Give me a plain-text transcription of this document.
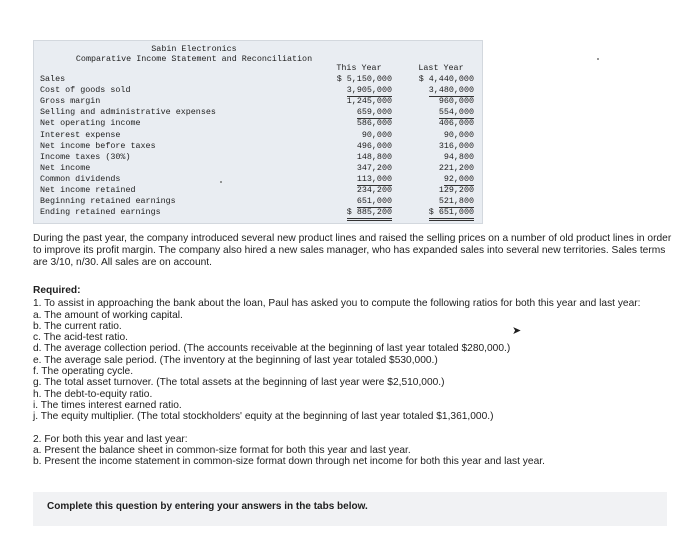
Sabin Electronics
Comparative Income Statement and Reconciliation
This Year	Last Year
Sales	$ 5,150,000	$ 4,440,000
Cost of goods sold	3,905,000	3,480,000
Gross margin	1,245,000	960,000
Selling and administrative expenses	659,000	554,000
Net operating income	586,000	406,000
Interest expense	90,000	90,000
Net income before taxes	496,000	316,000
Income taxes (30%)	148,800	94,800
Net income	347,200	221,200
Common dividends	113,000	92,000
Net income retained	234,200	129,200
Beginning retained earnings	651,000	521,800
Ending retained earnings	$ 885,200	$ 651,000
During the past year, the company introduced several new product lines and raised the selling prices on a number of old product lines in order to improve its profit margin. The company also hired a new sales manager, who has expanded sales into several new territories. Sales terms are 3/10, n/30. All sales are on account.

Required:

1. To assist in approaching the bank about the loan, Paul has asked you to compute the following ratios for both this year and last year:

a. The amount of working capital.

b. The current ratio.

c. The acid-test ratio.

d. The average collection period. (The accounts receivable at the beginning of last year totaled $280,000.)

e. The average sale period. (The inventory at the beginning of last year totaled $530,000.)

f. The operating cycle.

g. The total asset turnover. (The total assets at the beginning of last year were $2,510,000.)

h. The debt-to-equity ratio.

i. The times interest earned ratio.

j. The equity multiplier. (The total stockholders' equity at the beginning of last year totaled $1,361,000.)

2. For both this year and last year:

a. Present the balance sheet in common-size format for both this year and last year.

b. Present the income statement in common-size format down through net income for both this year and last year.

Complete this question by entering your answers in the tabs below.
➤
